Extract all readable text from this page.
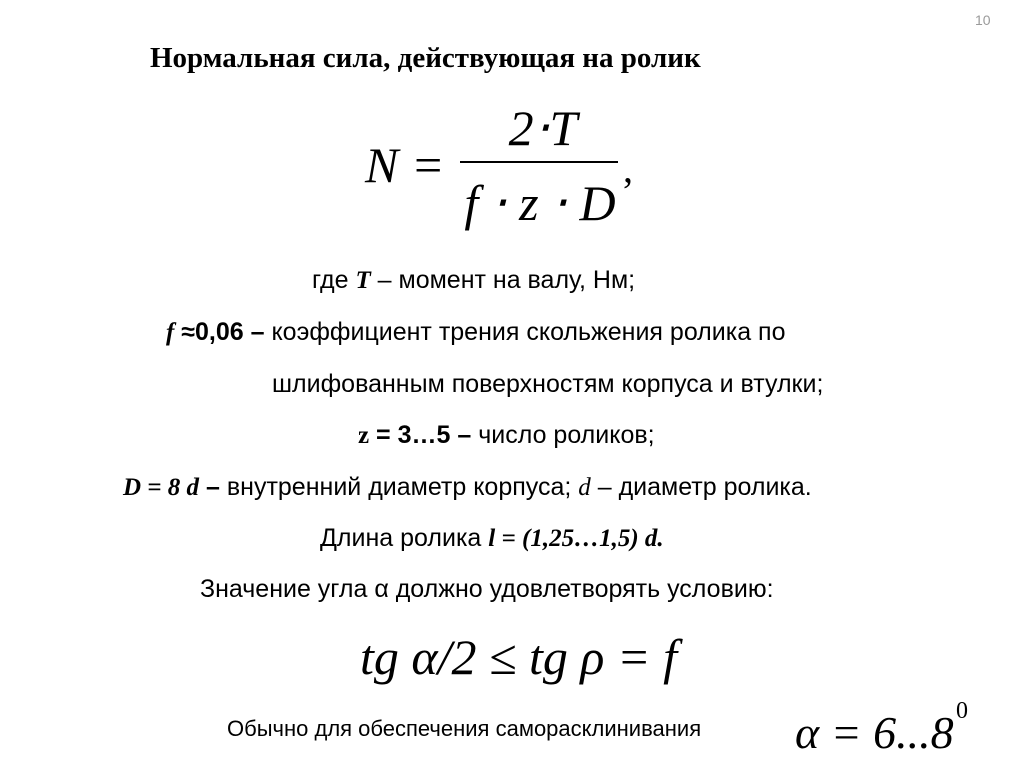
10
Нормальная сила, действующая на ролик
N =
2⋅T
f ⋅ z ⋅ D
,
где T – момент на валу, Нм;
f ≈0,06 – коэффициент трения скольжения ролика по
шлифованным поверхностям корпуса и втулки;
z = 3…5 – число роликов;
D = 8 d – внутренний диаметр корпуса; d – диаметр ролика.
Длина ролика l = (1,25…1,5) d.
Значение угла α должно удовлетворять условию:
tg α/2 ≤ tg ρ = f
Обычно для обеспечения саморасклинивания α = 6...8 0
